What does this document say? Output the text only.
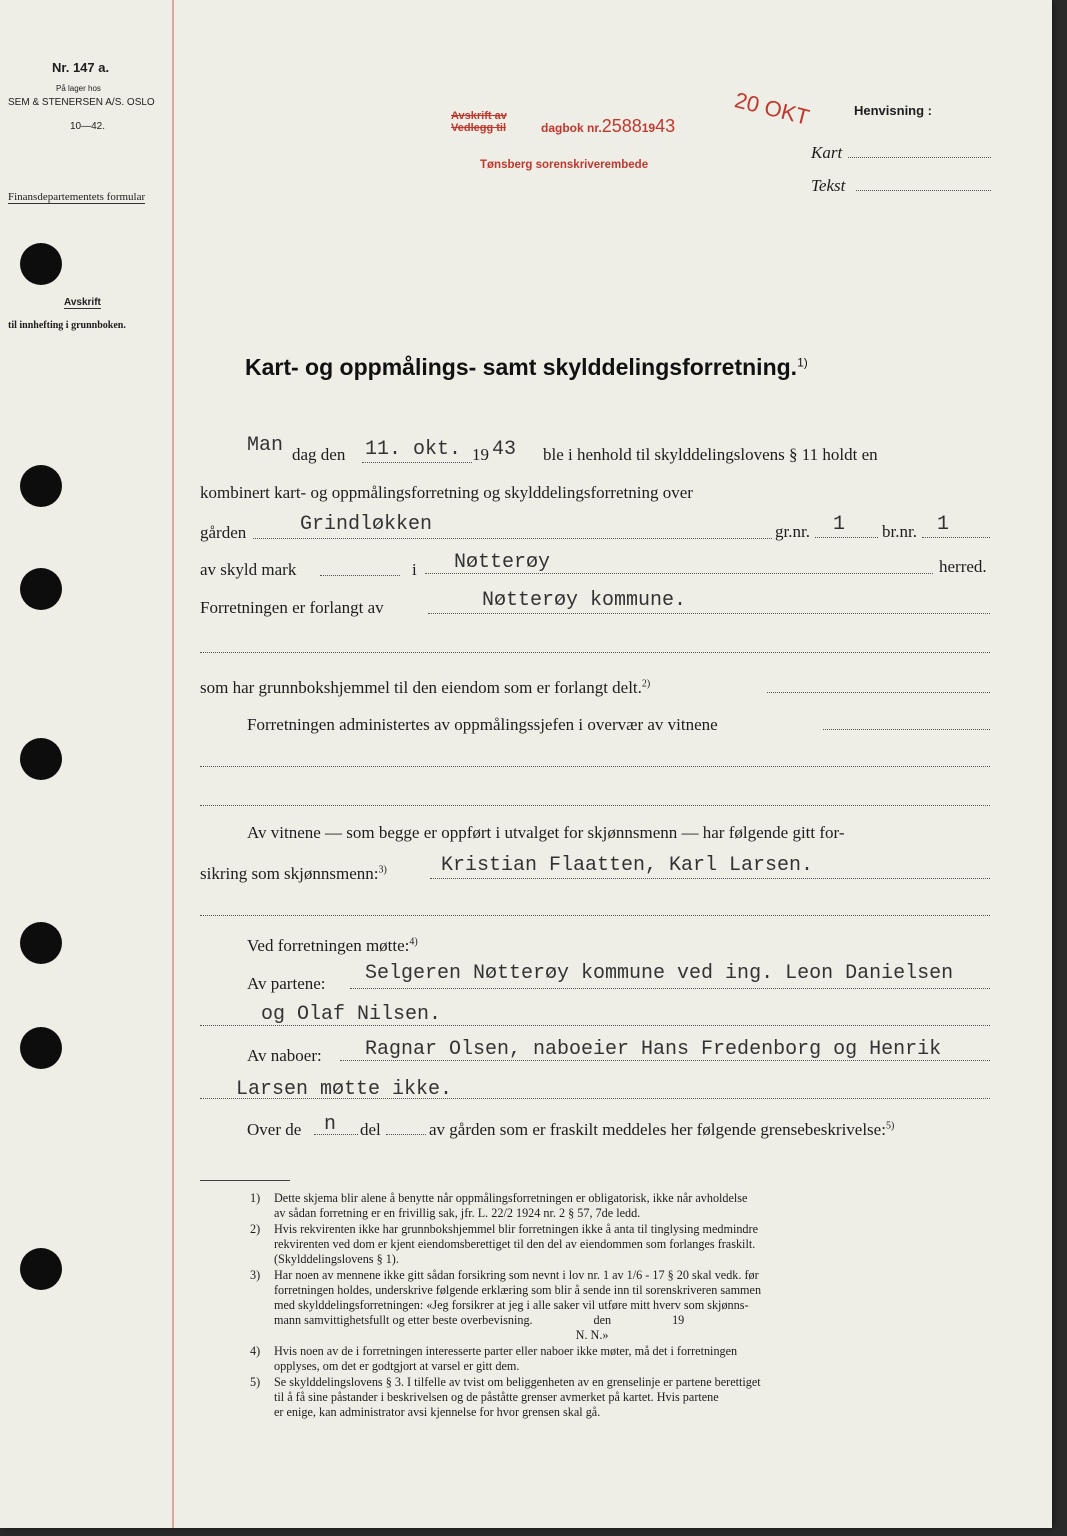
Nr. 147 a.
På lager hos
SEM & STENERSEN A/S. OSLO
10—42.
Finansdepartementets formular
Avskrift
til innhefting i grunnboken.
Avskrift av
Vedlegg til	dagbok nr.25881943	20 OKT
Tønsberg sorenskriverembede
Henvisning :
Kart
Tekst
Kart- og oppmålings- samt skylddelingsforretning.$^{1)}$
Man dag den 11. okt. 19 43 ble i henhold til skylddelingslovens § 11 holdt en
kombinert kart- og oppmålingsforretning og skylddelingsforretning over
gården	Grindløkken	gr.nr. 1 br.nr. 1
av skyld mark	i Nøtterøy	herred.
Forretningen er forlangt av	Nøtterøy kommune.
som har grunnbokshjemmel til den eiendom som er forlangt delt.$^{2)}$
Forretningen administertes av oppmålingssjefen i overvær av vitnene
Av vitnene — som begge er oppført i utvalget for skjønnsmenn — har følgende gitt for-
sikring som skjønnsmenn:$^{3)}$	Kristian Flaatten, Karl Larsen.
Ved forretningen møtte:$^{4)}$
Av partene: Selgeren Nøtterøy kommune ved ing. Leon Danielsen
og Olaf Nilsen.
Av naboer: Ragnar Olsen, naboeier Hans Fredenborg og Henrik
Larsen møtte ikke.
Over de n del	av gården som er fraskilt meddeles her følgende grensebeskrivelse:$^{5)}$
1)	Dette skjema blir alene å benytte når oppmålingsforretningen er obligatorisk, ikke når avholdelse
av sådan forretning er en frivillig sak, jfr. L. 22/2 1924 nr. 2 § 57, 7de ledd.
2)	Hvis rekvirenten ikke har grunnbokshjemmel blir forretningen ikke å anta til tinglysing medmindre
rekvirenten ved dom er kjent eiendomsberettiget til den del av eiendommen som forlanges fraskilt.
(Skylddelingslovens § 1).
3)	Har noen av mennene ikke gitt sådan forsikring som nevnt i lov nr. 1 av 1/6 - 17 § 20 skal vedk. før
forretningen holdes, underskrive følgende erklæring som blir å sende inn til sorenskriveren sammen
med skylddelingsforretningen: «Jeg forsikrer at jeg i alle saker vil utføre mitt hverv som skjønns-
mann samvittighetsfullt og etter beste overbevisning.                    den                    19
N. N.»
4)	Hvis noen av de i forretningen interesserte parter eller naboer ikke møter, må det i forretningen
opplyses, om det er godtgjort at varsel er gitt dem.
5)	Se skylddelingslovens § 3. I tilfelle av tvist om beliggenheten av en grenselinje er partene berettiget
til å få sine påstander i beskrivelsen og de påståtte grenser avmerket på kartet. Hvis partene
er enige, kan administrator avsi kjennelse for hvor grensen skal gå.
